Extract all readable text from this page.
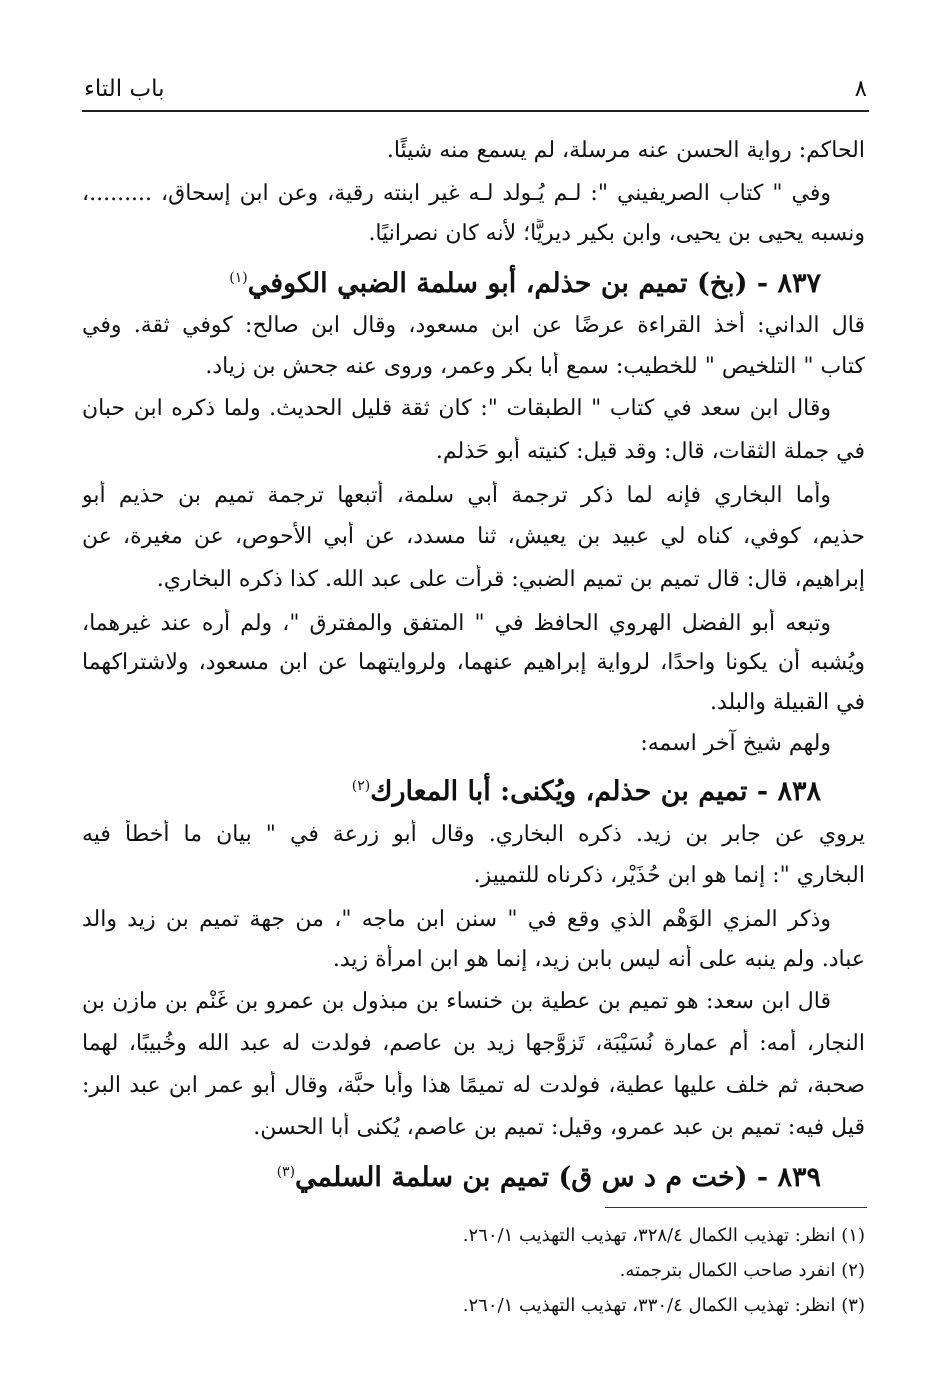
٨
باب التاء
الحاكم: رواية الحسن عنه مرسلة، لم يسمع منه شيئًا.
وفي " كتاب الصريفيني ": لـم يُـولد لـه غير ابنته رقية، وعن ابن إسحاق، .........،
ونسبه يحيى بن يحيى، وابن بكير ديريًّا؛ لأنه كان نصرانيًا.
٨٣٧ - (بخ) تميم بن حذلم، أبو سلمة الضبي الكوفي$^{(١)}$
قال الداني: أخذ القراءة عرضًا عن ابن مسعود، وقال ابن صالح: كوفي ثقة. وفي
كتاب " التلخيص " للخطيب: سمع أبا بكر وعمر، وروى عنه جحش بن زياد.
وقال ابن سعد في كتاب " الطبقات ": كان ثقة قليل الحديث. ولما ذكره ابن حبان
في جملة الثقات، قال: وقد قيل: كنيته أبو حَذلم.
وأما البخاري فإنه لما ذكر ترجمة أبي سلمة، أتبعها ترجمة تميم بن حذيم أبو
حذيم، كوفي، كناه لي عبيد بن يعيش، ثنا مسدد، عن أبي الأحوص، عن مغيرة، عن
إبراهيم، قال: قال تميم بن تميم الضبي: قرأت على عبد الله. كذا ذكره البخاري.
وتبعه أبو الفضل الهروي الحافظ في " المتفق والمفترق "، ولم أره عند غيرهما،
ويُشبه أن يكونا واحدًا، لرواية إبراهيم عنهما، ولروايتهما عن ابن مسعود، ولاشتراكهما
في القبيلة والبلد.
ولهم شيخ آخر اسمه:
٨٣٨ - تميم بن حذلم، ويُكنى: أبا المعارك$^{(٢)}$
يروي عن جابر بن زيد. ذكره البخاري. وقال أبو زرعة في " بيان ما أخطأ فيه
البخاري ": إنما هو ابن حُذَيْر، ذكرناه للتمييز.
وذكر المزي الوَهْم الذي وقع في " سنن ابن ماجه "، من جهة تميم بن زيد والد
عباد. ولم ينبه على أنه ليس بابن زيد، إنما هو ابن امرأة زيد.
قال ابن سعد: هو تميم بن عطية بن خنساء بن مبذول بن عمرو بن غَنْم بن مازن بن
النجار، أمه: أم عمارة نُسَيْبَة، تَزوَّجها زيد بن عاصم، فولدت له عبد الله وخُبيبًا، لهما
صحبة، ثم خلف عليها عطية، فولدت له تميمًا هذا وأبا حبَّة، وقال أبو عمر ابن عبد البر:
قيل فيه: تميم بن عبد عمرو، وقيل: تميم بن عاصم، يُكنى أبا الحسن.
٨٣٩ - (خت م د س ق) تميم بن سلمة السلمي$^{(٣)}$
(١) انظر: تهذيب الكمال ٣٢٨/٤، تهذيب التهذيب ٢٦٠/١.
(٢) انفرد صاحب الكمال بترجمته.
(٣) انظر: تهذيب الكمال ٣٣٠/٤، تهذيب التهذيب ٢٦٠/١.
